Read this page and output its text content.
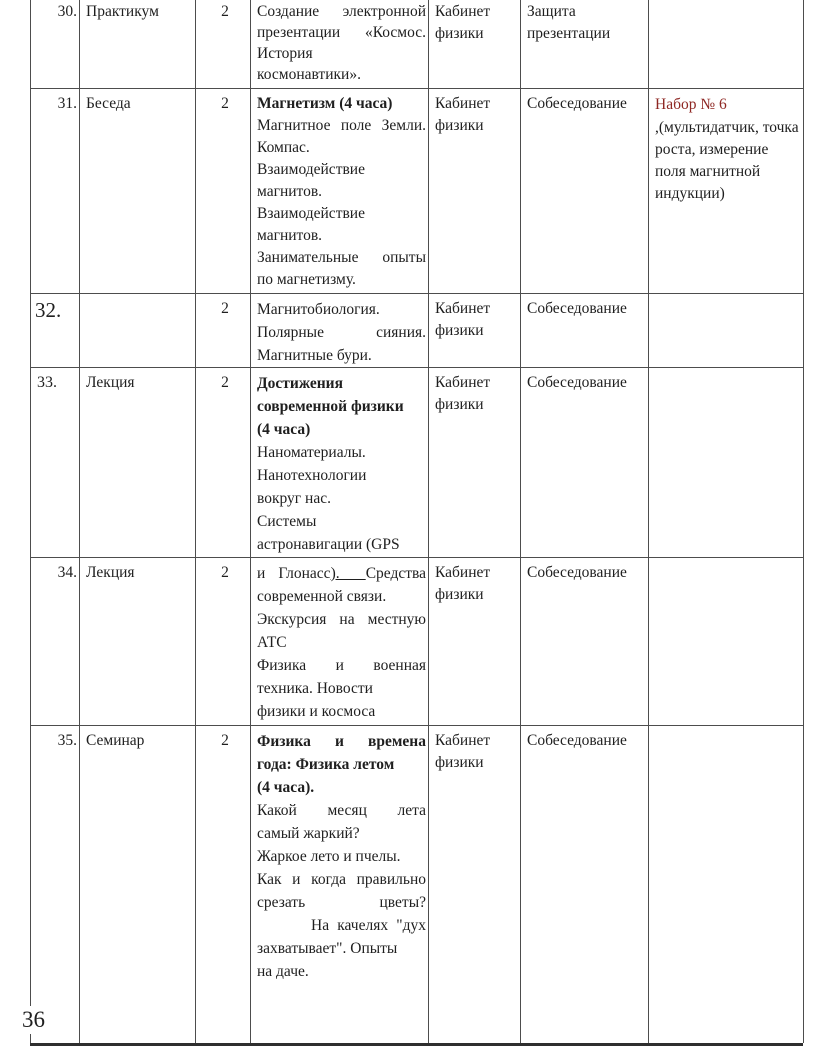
30.	Практикум	2	Создание электронной
презентации «Космос.
История
космонавтики».	Кабинет физики	Защита презентации	

31.	Беседа	2	Магнетизм (4 часа)
Магнитное поле Земли.
Компас.
Взаимодействие
магнитов.
Взаимодействие
магнитов.
Занимательные опыты
по магнетизму.
	Кабинет физики	Собеседование	Набор № 6
,(мультидатчик, точка роста, измерение поля магнитной индукции)

32.		2	Магнитобиология.
Полярные сияния.
Магнитные бури.	Кабинет физики	Собеседование	

33.	Лекция	2	Достижения
современной физики
(4 часа)
Наноматериалы.
Нанотехнологии
вокруг нас.
Системы
астронавигации (GPS
	Кабинет физики	Собеседование	

34.	Лекция	2	и Глонасс).  Средства
современной связи.
Экскурсия на местную
АТС
Физика и военная
техника. Новости
физики и космоса
	Кабинет физики	Собеседование	

35.	Семинар	2	Физика и времена
года: Физика летом
(4 часа).
Какой месяц лета
самый жаркий?
Жаркое лето и пчелы.
Как и когда правильно
срезать цветы?
На качелях "дух
захватывает". Опыты
на даче.
	Кабинет физики	Собеседование	
36
